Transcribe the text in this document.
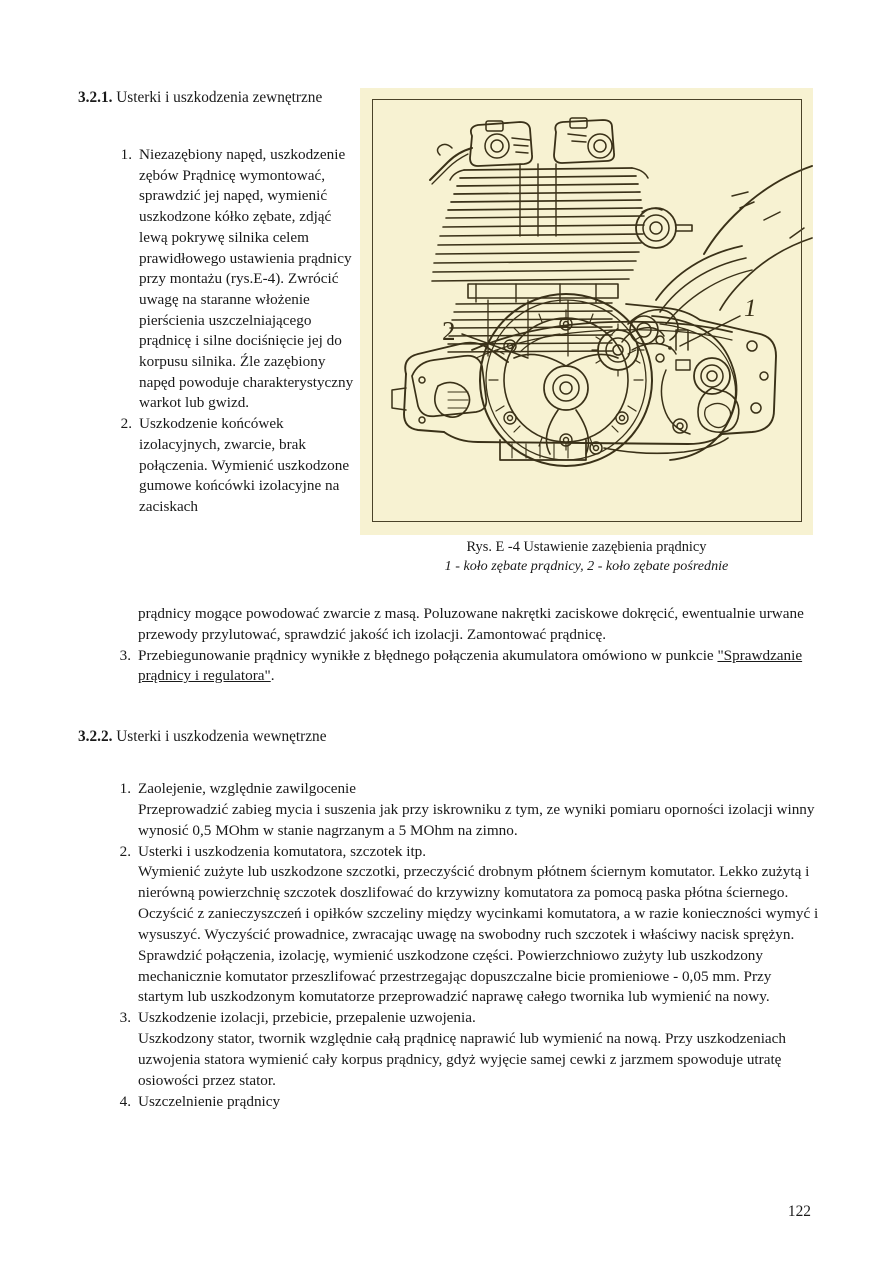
3.2.1. Usterki i uszkodzenia zewnętrzne
2
1
Rys. E -4 Ustawienie zazębienia prądnicy
1 - koło zębate prądnicy, 2 - koło zębate pośrednie
Niezazębiony napęd, uszkodzenie zębów Prądnicę wymontować, sprawdzić jej napęd, wymienić uszkodzone kółko zębate, zdjąć lewą pokrywę silnika celem prawidłowego ustawienia prądnicy przy montażu (rys.E-4). Zwrócić uwagę na staranne włożenie pierścienia uszczelniającego prądnicę i silne dociśnięcie jej do korpusu silnika. Źle zazębiony napęd powoduje charakterystyczny warkot lub gwizd.
Uszkodzenie końcówek izolacyjnych, zwarcie, brak połączenia. Wymienić uszkodzone gumowe końcówki izolacyjne na zaciskach
prądnicy mogące powodować zwarcie z masą. Poluzowane nakrętki zaciskowe dokręcić, ewentualnie urwane przewody przylutować, sprawdzić jakość ich izolacji. Zamontować prądnicę.
3. Przebiegunowanie prądnicy wynikłe z błędnego połączenia akumulatora omówiono w punkcie "Sprawdzanie prądnicy i regulatora".
3.2.2. Usterki i uszkodzenia wewnętrzne
1. Zaolejenie, względnie zawilgocenie

Przeprowadzić zabieg mycia i suszenia jak przy iskrowniku z tym, ze wyniki pomiaru oporności izolacji winny wynosić 0,5 MOhm w stanie nagrzanym a 5 MOhm na zimno.

2. Usterki i uszkodzenia komutatora, szczotek itp.

Wymienić zużyte lub uszkodzone szczotki, przeczyścić drobnym płótnem ściernym komutator. Lekko zużytą i nierówną powierzchnię szczotek doszlifować do krzywizny komutatora za pomocą paska płótna ściernego.

Oczyścić z zanieczyszczeń i opiłków szczeliny między wycinkami komutatora, a w razie konieczności wymyć i wysuszyć. Wyczyścić prowadnice, zwracając uwagę na swobodny ruch szczotek i właściwy nacisk sprężyn.

Sprawdzić połączenia, izolację, wymienić uszkodzone części. Powierzchniowo zużyty lub uszkodzony mechanicznie komutator przeszlifować przestrzegając dopuszczalne bicie promieniowe - 0,05 mm. Przy startym lub uszkodzonym komutatorze przeprowadzić naprawę całego twornika lub wymienić na nowy.

3. Uszkodzenie izolacji, przebicie, przepalenie uzwojenia.

Uszkodzony stator, twornik względnie całą prądnicę naprawić lub wymienić na nową. Przy uszkodzeniach uzwojenia statora wymienić cały korpus prądnicy, gdyż wyjęcie samej cewki z jarzmem spowoduje utratę osiowości przez stator.

4. Uszczelnienie prądnicy

122
